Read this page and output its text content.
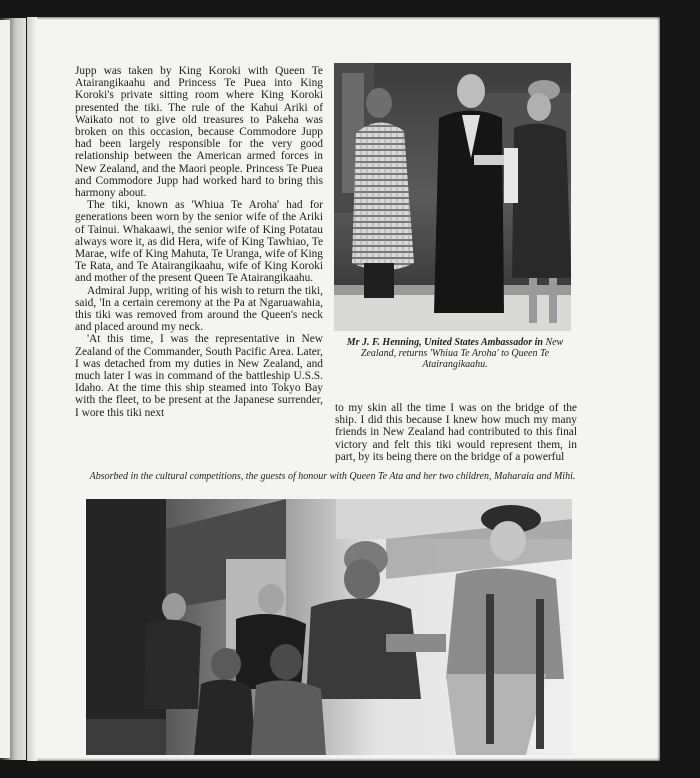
Jupp was taken by King Koroki with Queen Te Atairangikaahu and Princess Te Puea into King Koroki's private sitting room where King Koroki presented the tiki. The rule of the Kahui Ariki of Waikato not to give old treasures to Pakeha was broken on this occasion, because Commodore Jupp had been largely responsible for the very good relationship between the American armed forces in New Zealand, and the Maori people. Princess Te Puea and Commodore Jupp had worked hard to bring this harmony about.

The tiki, known as 'Whiua Te Aroha' had for generations been worn by the senior wife of the Ariki of Tainui. Whakaawi, the senior wife of King Potatau always wore it, as did Hera, wife of King Tawhiao, Te Marae, wife of King Mahuta, Te Uranga, wife of King Te Rata, and Te Atairangikaahu, wife of King Koroki and mother of the present Queen Te Atairangikaahu.

Admiral Jupp, writing of his wish to return the tiki, said, 'In a certain ceremony at the Pa at Ngaruawahia, this tiki was removed from around the Queen's neck and placed around my neck.

'At this time, I was the representative in New Zealand of the Commander, South Pacific Area. Later, I was detached from my duties in New Zealand, and much later I was in command of the battleship U.S.S. Idaho. At the time this ship steamed into Tokyo Bay with the fleet, to be present at the Japanese surrender, I wore this tiki next	to my skin all the time I was on the bridge of the ship. I did this because I knew how much my many friends in New Zealand had contributed to this final victory and felt this tiki would represent them, in part, by its being there on the bridge of a powerful

Mr J. F. Henning, United States Ambassador in New Zealand, returns 'Whiua Te Aroha' to Queen Te Atairangikaahu.
Absorbed in the cultural competitions, the guests of honour with Queen Te Ata and her two children, Maharaia and Mihi.
